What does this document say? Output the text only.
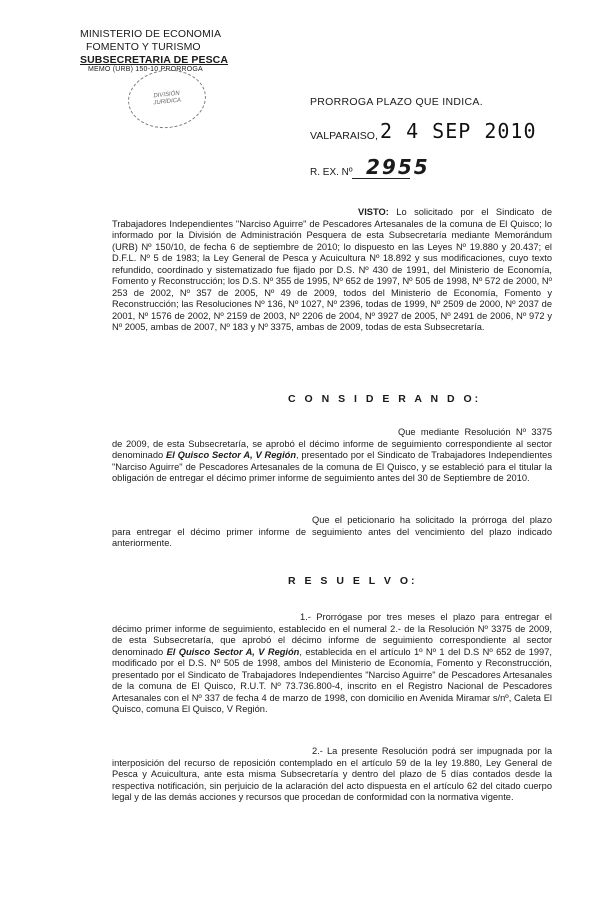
MINISTERIO DE ECONOMIA
FOMENTO Y TURISMO
SUBSECRETARIA DE PESCA
MEMO (URB) 150-10 PRORROGA
DIVISIÓN
JURÍDICA	PRORROGA PLAZO QUE INDICA.
VALPARAISO, 2 4 SEP 2010
R. EX. Nº 2955
VISTO: Lo solicitado por el Sindicato de Trabajadores Independientes "Narciso Aguirre" de Pescadores Artesanales de la comuna de El Quisco; lo informado por la División de Administración Pesquera de esta Subsecretaría mediante Memorándum (URB) Nº 150/10, de fecha 6 de septiembre de 2010; lo dispuesto en las Leyes Nº 19.880 y 20.437; el D.F.L. Nº 5 de 1983; la Ley General de Pesca y Acuicultura Nº 18.892 y sus modificaciones, cuyo texto refundido, coordinado y sistematizado fue fijado por D.S. Nº 430 de 1991, del Ministerio de Economía, Fomento y Reconstrucción; los D.S. Nº 355 de 1995, Nº 652 de 1997, Nº 505 de 1998, Nº 572 de 2000, Nº 253 de 2002, Nº 357 de 2005, Nº 49 de 2009, todos del Ministerio de Economía, Fomento y Reconstrucción; las Resoluciones Nº 136, Nº 1027, Nº 2396, todas de 1999, Nº 2509 de 2000, Nº 2037 de 2001, Nº 1576 de 2002, Nº 2159 de 2003, Nº 2206 de 2004, Nº 3927 de 2005, Nº 2491 de 2006, Nº 972 y Nº 2005, ambas de 2007, Nº 183 y Nº 3375, ambas de 2009, todas de esta Subsecretaría.
C O N S I D E R A N D O:
Que mediante Resolución Nº 3375 de 2009, de esta Subsecretaría, se aprobó el décimo informe de seguimiento correspondiente al sector denominado El Quisco Sector A, V Región, presentado por el Sindicato de Trabajadores Independientes "Narciso Aguirre" de Pescadores Artesanales de la comuna de El Quisco, y se estableció para el titular la obligación de entregar el décimo primer informe de seguimiento antes del 30 de Septiembre de 2010.
Que el peticionario ha solicitado la prórroga del plazo para entregar el décimo primer informe de seguimiento antes del vencimiento del plazo indicado anteriormente.
R E S U E L V O:
1.- Prorrógase por tres meses el plazo para entregar el décimo primer informe de seguimiento, establecido en el numeral 2.- de la Resolución Nº 3375 de 2009, de esta Subsecretaría, que aprobó el décimo informe de seguimiento correspondiente al sector denominado El Quisco Sector A, V Región, establecida en el artículo 1º Nº 1 del D.S Nº 652 de 1997, modificado por el D.S. Nº 505 de 1998, ambos del Ministerio de Economía, Fomento y Reconstrucción, presentado por el Sindicato de Trabajadores Independientes "Narciso Aguirre" de Pescadores Artesanales de la comuna de El Quisco, R.U.T. Nº 73.736.800-4, inscrito en el Registro Nacional de Pescadores Artesanales con el Nº 337 de fecha 4 de marzo de 1998, con domicilio en Avenida Miramar s/nº, Caleta El Quisco, comuna El Quisco, V Región.
2.- La presente Resolución podrá ser impugnada por la interposición del recurso de reposición contemplado en el artículo 59 de la ley 19.880, Ley General de Pesca y Acuicultura, ante esta misma Subsecretaría y dentro del plazo de 5 días contados desde la respectiva notificación, sin perjuicio de la aclaración del acto dispuesta en el artículo 62 del citado cuerpo legal y de las demás acciones y recursos que procedan de conformidad con la normativa vigente.
